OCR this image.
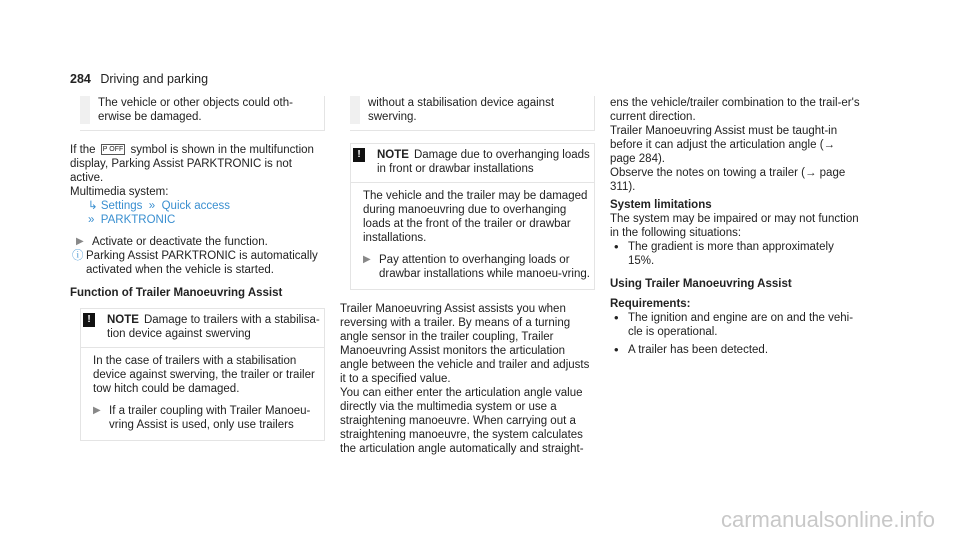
284 Driving and parking

The vehicle or other objects could oth-erwise be damaged.

If the P OFF symbol is shown in the multifunction display, Parking Assist PARKTRONIC is not active.

Multimedia system:

↳ Settings  »  Quick access
»  PARKTRONIC
▶ Activate or deactivate the function.
ⓘ Parking Assist PARKTRONIC is automatically activated when the vehicle is started.

Function of Trailer Manoeuvring Assist

!	NOTE Damage to trailers with a stabilisa-tion device against swerving

In the case of trailers with a stabilisation device against swerving, the trailer or trailer tow hitch could be damaged.

▶ If a trailer coupling with Trailer Manoeu-vring Assist is used, only use trailers

without a stabilisation device against swerving.

!	NOTE Damage due to overhanging loads in front or drawbar installations

The vehicle and the trailer may be damaged during manoeuvring due to overhanging loads at the front of the trailer or drawbar installations.

▶ Pay attention to overhanging loads or drawbar installations while manoeu-vring.

Trailer Manoeuvring Assist assists you when reversing with a trailer. By means of a turning angle sensor in the trailer coupling, Trailer Manoeuvring Assist monitors the articulation angle between the vehicle and trailer and adjusts it to a specified value.

You can either enter the articulation angle value directly via the multimedia system or use a straightening manoeuvre. When carrying out a straightening manoeuvre, the system calculates the articulation angle automatically and straight-

ens the vehicle/trailer combination to the trail-er's current direction.

Trailer Manoeuvring Assist must be taught-in before it can adjust the articulation angle (→ page 284).

Observe the notes on towing a trailer (→ page 311).

System limitations

The system may be impaired or may not function in the following situations:

• The gradient is more than approximately 15%.

Using Trailer Manoeuvring Assist

Requirements:

• The ignition and engine are on and the vehi-cle is operational.
• A trailer has been detected.
carmanualsonline.info
